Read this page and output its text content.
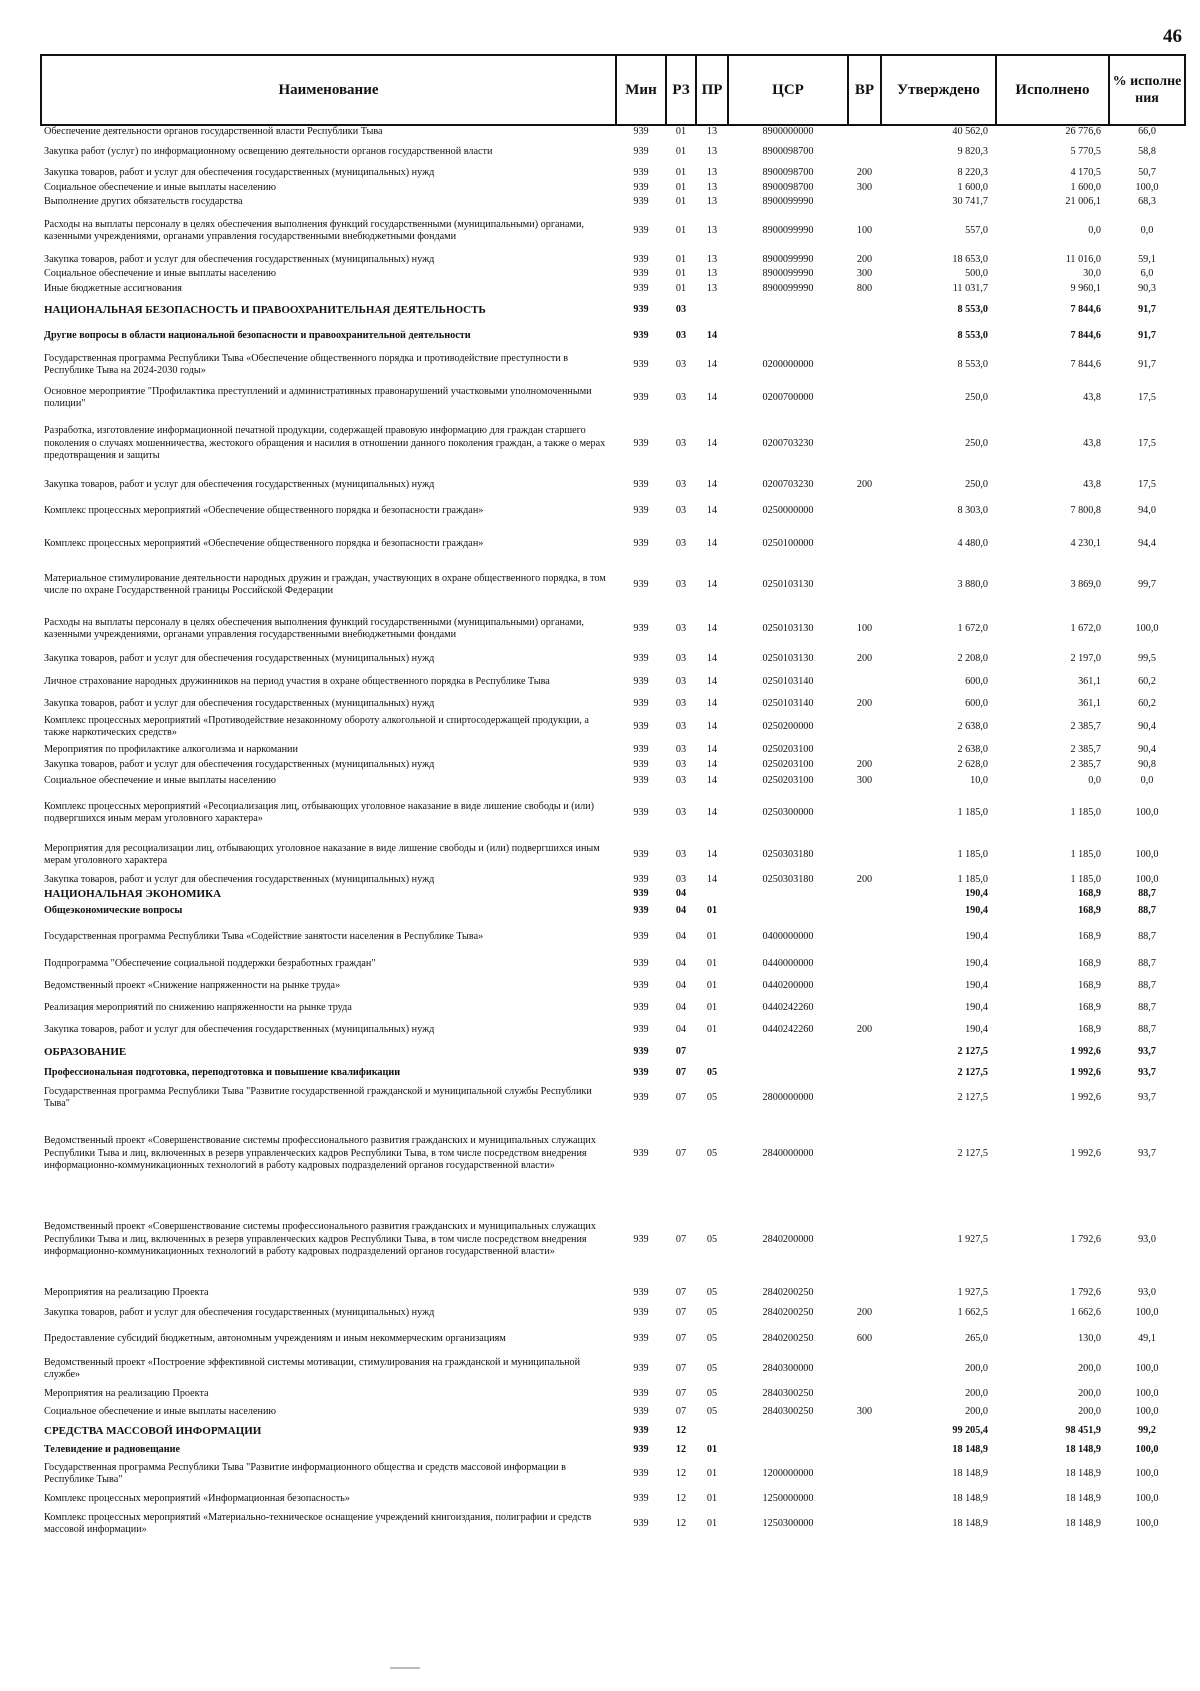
46
Наименование	Мин	РЗ	ПР	ЦСР	ВР	Утверждено	Исполнено	% исполне ния
Обеспечение деятельности органов государственной власти Республики Тыва	939	01	13	8900000000		40 562,0	26 776,6	66,0
Закупка работ (услуг) по информационному освещению деятельности органов государственной власти	939	01	13	8900098700		9 820,3	5 770,5	58,8
Закупка товаров, работ и услуг для обеспечения государственных (муниципальных) нужд	939	01	13	8900098700	200	8 220,3	4 170,5	50,7
Социальное обеспечение и иные выплаты населению	939	01	13	8900098700	300	1 600,0	1 600,0	100,0
Выполнение других обязательств государства	939	01	13	8900099990		30 741,7	21 006,1	68,3
Расходы на выплаты персоналу в целях обеспечения выполнения функций государственными (муниципальными) органами, казенными учреждениями, органами управления государственными внебюджетными фондами	939	01	13	8900099990	100	557,0	0,0	0,0
Закупка товаров, работ и услуг для обеспечения государственных (муниципальных) нужд	939	01	13	8900099990	200	18 653,0	11 016,0	59,1
Социальное обеспечение и иные выплаты населению	939	01	13	8900099990	300	500,0	30,0	6,0
Иные бюджетные ассигнования	939	01	13	8900099990	800	11 031,7	9 960,1	90,3
НАЦИОНАЛЬНАЯ БЕЗОПАСНОСТЬ И ПРАВООХРАНИТЕЛЬНАЯ ДЕЯТЕЛЬНОСТЬ	939	03				8 553,0	7 844,6	91,7
Другие вопросы в области национальной безопасности и правоохранительной деятельности	939	03	14			8 553,0	7 844,6	91,7
Государственная программа Республики Тыва «Обеспечение общественного порядка и противодействие преступности в Республике Тыва на 2024-2030 годы»	939	03	14	0200000000		8 553,0	7 844,6	91,7
Основное мероприятие "Профилактика преступлений и административных правонарушений участковыми уполномоченными полиции"	939	03	14	0200700000		250,0	43,8	17,5
Разработка, изготовление информационной печатной продукции, содержащей правовую информацию для граждан старшего поколения о случаях мошенничества, жестокого обращения и насилия в отношении данного поколения граждан, а также о мерах предотвращения и защиты	939	03	14	0200703230		250,0	43,8	17,5
Закупка товаров, работ и услуг для обеспечения государственных (муниципальных) нужд	939	03	14	0200703230	200	250,0	43,8	17,5
Комплекс процессных мероприятий «Обеспечение общественного порядка и безопасности граждан»	939	03	14	0250000000		8 303,0	7 800,8	94,0
Комплекс процессных мероприятий «Обеспечение общественного порядка и безопасности граждан»	939	03	14	0250100000		4 480,0	4 230,1	94,4
Материальное стимулирование деятельности народных дружин и граждан, участвующих в охране общественного порядка, в том числе по охране Государственной границы Российской Федерации	939	03	14	0250103130		3 880,0	3 869,0	99,7
Расходы на выплаты персоналу в целях обеспечения выполнения функций государственными (муниципальными) органами, казенными учреждениями, органами управления государственными внебюджетными фондами	939	03	14	0250103130	100	1 672,0	1 672,0	100,0
Закупка товаров, работ и услуг для обеспечения государственных (муниципальных) нужд	939	03	14	0250103130	200	2 208,0	2 197,0	99,5
Личное страхование народных дружинников на период участия в охране общественного порядка в Республике Тыва	939	03	14	0250103140		600,0	361,1	60,2
Закупка товаров, работ и услуг для обеспечения государственных (муниципальных) нужд	939	03	14	0250103140	200	600,0	361,1	60,2
Комплекс процессных мероприятий «Противодействие незаконному обороту алкогольной и спиртосодержащей продукции, а также наркотических средств»	939	03	14	0250200000		2 638,0	2 385,7	90,4
Мероприятия по профилактике алкоголизма и наркомании	939	03	14	0250203100		2 638,0	2 385,7	90,4
Закупка товаров, работ и услуг для обеспечения государственных (муниципальных) нужд	939	03	14	0250203100	200	2 628,0	2 385,7	90,8
Социальное обеспечение и иные выплаты населению	939	03	14	0250203100	300	10,0	0,0	0,0
Комплекс процессных мероприятий «Ресоциализация лиц, отбывающих уголовное наказание в виде лишение свободы и (или) подвергшихся иным мерам уголовного характера»	939	03	14	0250300000		1 185,0	1 185,0	100,0
Мероприятия для ресоциализации лиц, отбывающих уголовное наказание в виде лишение свободы и (или) подвергшихся иным мерам уголовного характера	939	03	14	0250303180		1 185,0	1 185,0	100,0
Закупка товаров, работ и услуг для обеспечения государственных (муниципальных) нужд	939	03	14	0250303180	200	1 185,0	1 185,0	100,0
НАЦИОНАЛЬНАЯ ЭКОНОМИКА	939	04				190,4	168,9	88,7
Общеэкономические вопросы	939	04	01			190,4	168,9	88,7
Государственная программа Республики Тыва «Содействие занятости населения в Республике Тыва»	939	04	01	0400000000		190,4	168,9	88,7
Подпрограмма "Обеспечение социальной поддержки безработных граждан"	939	04	01	0440000000		190,4	168,9	88,7
Ведомственный проект «Снижение напряженности на рынке труда»	939	04	01	0440200000		190,4	168,9	88,7
Реализация мероприятий по снижению напряженности на рынке труда	939	04	01	0440242260		190,4	168,9	88,7
Закупка товаров, работ и услуг для обеспечения государственных (муниципальных) нужд	939	04	01	0440242260	200	190,4	168,9	88,7
ОБРАЗОВАНИЕ	939	07				2 127,5	1 992,6	93,7
Профессиональная подготовка, переподготовка и повышение квалификации	939	07	05			2 127,5	1 992,6	93,7
Государственная программа Республики Тыва "Развитие государственной гражданской и муниципальной службы Республики Тыва"	939	07	05	2800000000		2 127,5	1 992,6	93,7
Ведомственный проект «Совершенствование системы профессионального развития гражданских и муниципальных служащих Республики Тыва и лиц, включенных в резерв управленческих кадров Республики Тыва, в том числе посредством внедрения информационно-коммуникационных технологий в работу кадровых подразделений органов государственной власти»	939	07	05	2840000000		2 127,5	1 992,6	93,7
Ведомственный проект «Совершенствование системы профессионального развития гражданских и муниципальных служащих Республики Тыва и лиц, включенных в резерв управленческих кадров Республики Тыва, в том числе посредством внедрения информационно-коммуникационных технологий в работу кадровых подразделений органов государственной власти»	939	07	05	2840200000		1 927,5	1 792,6	93,0
Мероприятия на реализацию Проекта	939	07	05	2840200250		1 927,5	1 792,6	93,0
Закупка товаров, работ и услуг для обеспечения государственных (муниципальных) нужд	939	07	05	2840200250	200	1 662,5	1 662,6	100,0
Предоставление субсидий бюджетным, автономным учреждениям и иным некоммерческим организациям	939	07	05	2840200250	600	265,0	130,0	49,1
Ведомственный проект «Построение эффективной системы мотивации, стимулирования на гражданской и муниципальной службе»	939	07	05	2840300000		200,0	200,0	100,0
Мероприятия на реализацию Проекта	939	07	05	2840300250		200,0	200,0	100,0
Социальное обеспечение и иные выплаты населению	939	07	05	2840300250	300	200,0	200,0	100,0
СРЕДСТВА МАССОВОЙ ИНФОРМАЦИИ	939	12				99 205,4	98 451,9	99,2
Телевидение и радиовещание	939	12	01			18 148,9	18 148,9	100,0
Государственная программа Республики Тыва "Развитие информационного общества и средств массовой информации в Республике Тыва"	939	12	01	1200000000		18 148,9	18 148,9	100,0
Комплекс процессных мероприятий «Информационная безопасность»	939	12	01	1250000000		18 148,9	18 148,9	100,0
Комплекс процессных мероприятий «Материально-техническое оснащение учреждений книгоиздания, полиграфии и средств массовой информации»	939	12	01	1250300000		18 148,9	18 148,9	100,0
